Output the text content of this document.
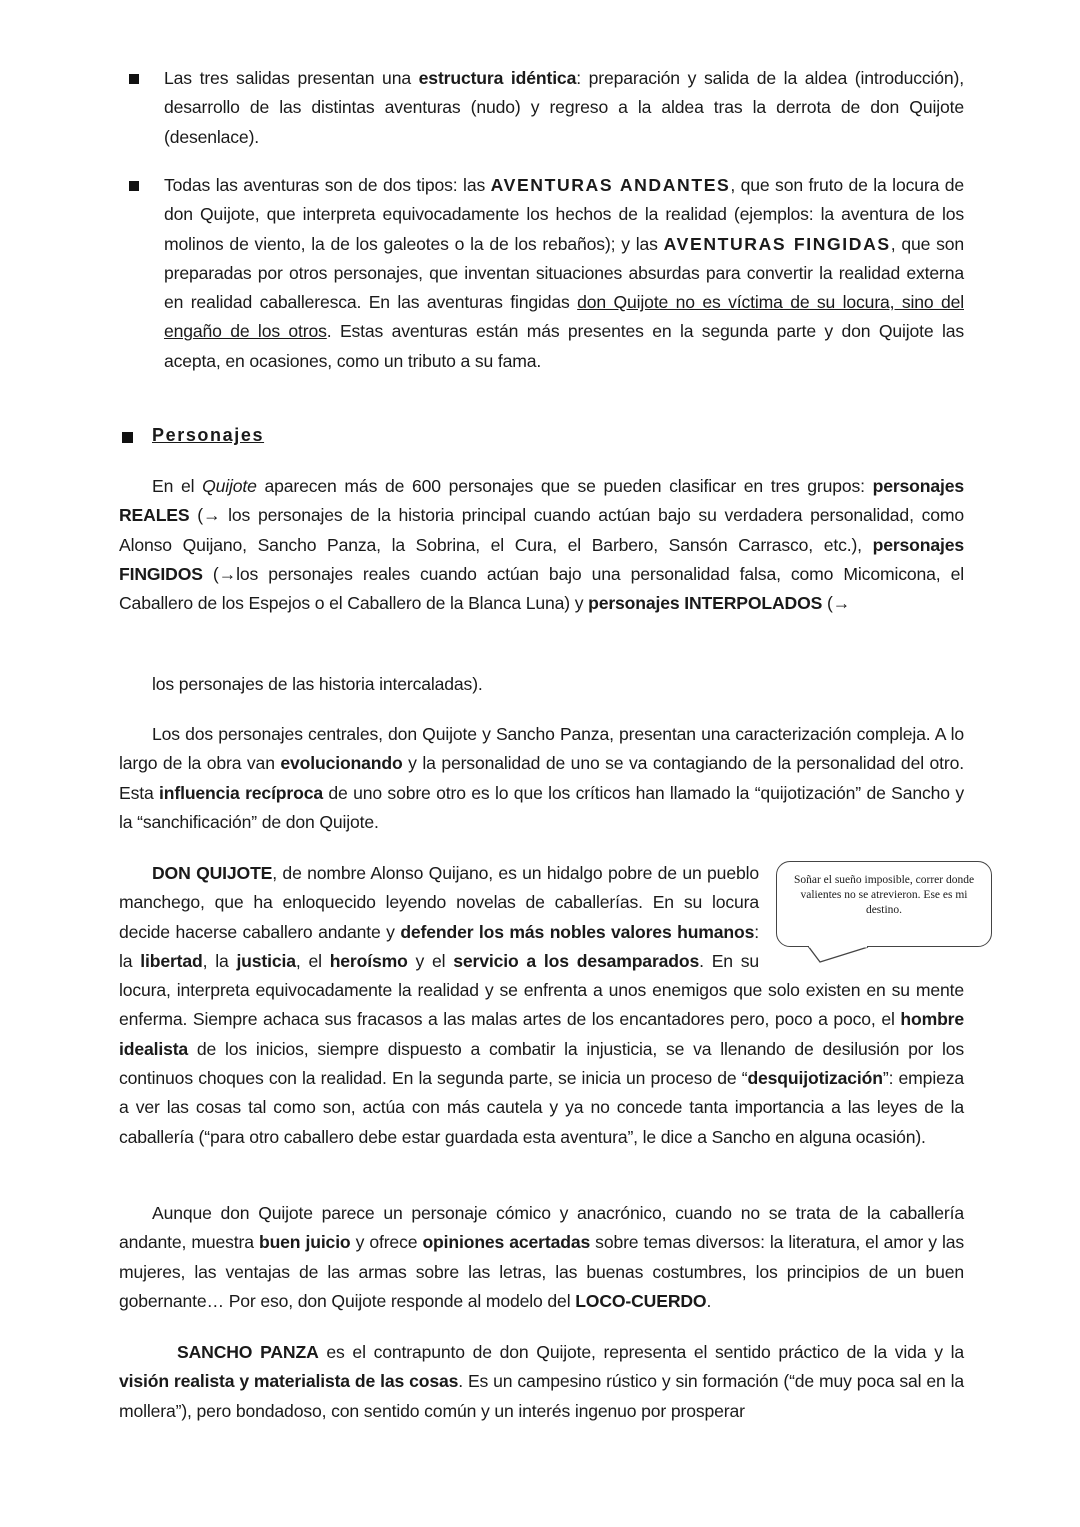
Las tres salidas presentan una estructura idéntica: preparación y salida de la aldea (introducción), desarrollo de las distintas aventuras (nudo) y regreso a la aldea tras la derrota de don Quijote (desenlace).

Todas las aventuras son de dos tipos: las AVENTURAS ANDANTES, que son fruto de la locura de don Quijote, que interpreta equivocadamente los hechos de la realidad (ejemplos: la aventura de los molinos de viento, la de los galeotes o la de los rebaños); y las AVENTURAS FINGIDAS, que son preparadas por otros personajes, que inventan situaciones absurdas para convertir la realidad externa en realidad caballeresca. En las aventuras fingidas don Quijote no es víctima de su locura, sino del engaño de los otros. Estas aventuras están más presentes en la segunda parte y don Quijote las acepta, en ocasiones, como un tributo a su fama.

Personajes

En el Quijote aparecen más de 600 personajes que se pueden clasificar en tres grupos: personajes REALES (→ los personajes de la historia principal cuando actúan bajo su verdadera personalidad, como Alonso Quijano, Sancho Panza, la Sobrina, el Cura, el Barbero, Sansón Carrasco, etc.), personajes FINGIDOS (→los personajes reales cuando actúan bajo una personalidad falsa, como Micomicona, el Caballero de los Espejos o el Caballero de la Blanca Luna) y personajes INTERPOLADOS (→

los personajes de las historia intercaladas).

Los dos personajes centrales, don Quijote y Sancho Panza, presentan una caracterización compleja. A lo largo de la obra van evolucionando y la personalidad de uno se va contagiando de la personalidad del otro. Esta influencia recíproca de uno sobre otro es lo que los críticos han llamado la “quijotización” de Sancho y la “sanchificación” de don Quijote.

DON QUIJOTE, de nombre Alonso Quijano, es un hidalgo pobre de un pueblo manchego, que ha enloquecido leyendo novelas de caballerías. En su locura decide hacerse caballero andante y defender los más nobles valores humanos: la libertad, la justicia, el heroísmo y el servicio a los desamparados. En su locura, interpreta equivocadamente la realidad y se enfrenta a unos enemigos que solo existen en su mente enferma. Siempre achaca sus fracasos a las malas artes de los encantadores pero, poco a poco, el hombre idealista de los inicios, siempre dispuesto a combatir la injusticia, se va llenando de desilusión por los continuos choques con la realidad. En la segunda parte, se inicia un proceso de “desquijotización”: empieza a ver las cosas tal como son, actúa con más cautela y ya no concede tanta importancia a las leyes de la caballería (“para otro caballero debe estar guardada esta aventura”, le dice a Sancho en alguna ocasión).

Aunque don Quijote parece un personaje cómico y anacrónico, cuando no se trata de la caballería andante, muestra buen juicio y ofrece opiniones acertadas sobre temas diversos: la literatura, el amor y las mujeres, las ventajas de las armas sobre las letras, las buenas costumbres, los principios de un buen gobernante… Por eso, don Quijote responde al modelo del LOCO-CUERDO.

SANCHO PANZA es el contrapunto de don Quijote, representa el sentido práctico de la vida y la visión realista y materialista de las cosas. Es un campesino rústico y sin formación (“de muy poca sal en la mollera”), pero bondadoso, con sentido común y un interés ingenuo por prosperar

Soñar el sueño imposible, correr donde valientes no se atrevieron. Ese es mi destino.
